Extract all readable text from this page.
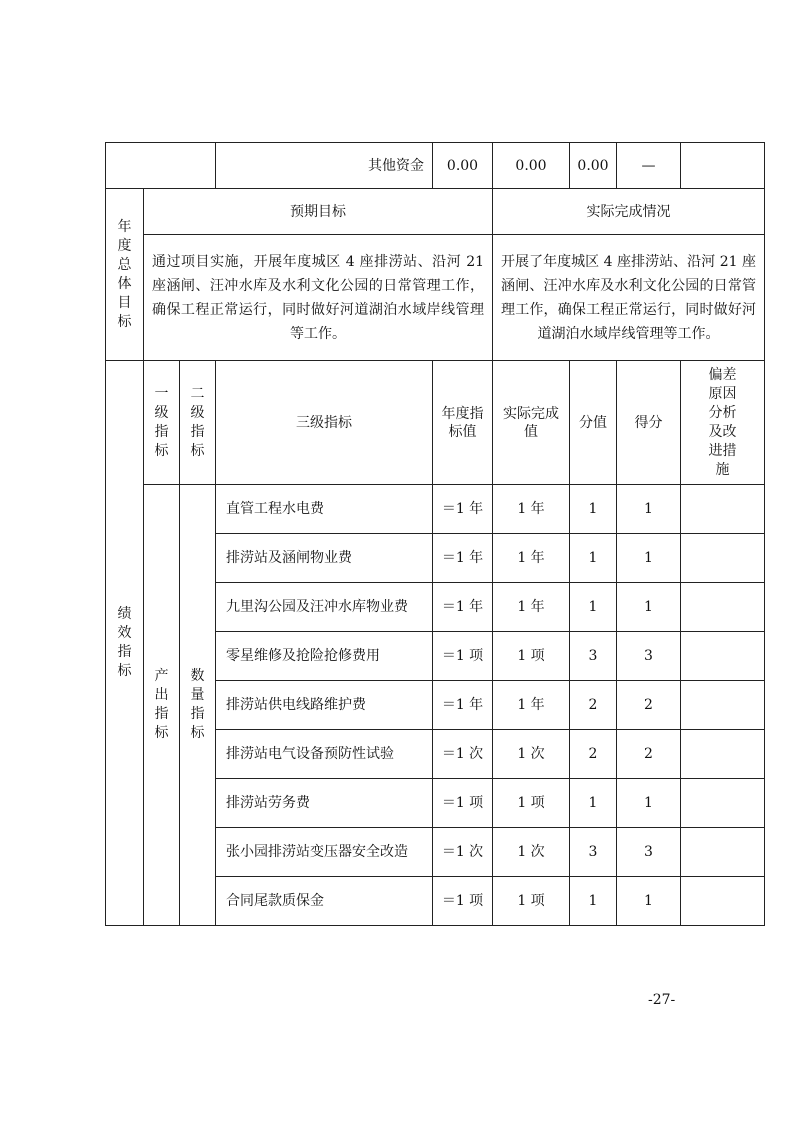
			其他资金	0.00	0.00	0.00	—	
年度总体目标	预期目标				实际完成情况			

	通过项目实施，开展年度城区 4 座排涝站、沿河 21 座涵闸、汪冲水库及水利文化公园的日常管理工作，确保工程正常运行，同时做好河道湖泊水域岸线管理等工作。				开展了年度城区 4 座排涝站、沿河 21 座涵闸、汪冲水库及水利文化公园的日常管理工作，确保工程正常运行，同时做好河道湖泊水域岸线管理等工作。			

绩效指标	一级指标	二级指标	三级指标	年度指标值	实际完成值	分值	得分	偏差原因分析及改进措施
	产出指标	数量指标	直管工程水电费	＝1 年	1 年	1	1	
			排涝站及涵闸物业费	＝1 年	1 年	1	1	
			九里沟公园及汪冲水库物业费	＝1 年	1 年	1	1	
			零星维修及抢险抢修费用	＝1 项	1 项	3	3	
			排涝站供电线路维护费	＝1 年	1 年	2	2	
			排涝站电气设备预防性试验	＝1 次	1 次	2	2	
			排涝站劳务费	＝1 项	1 项	1	1	
			张小园排涝站变压器安全改造	＝1 次	1 次	3	3	
			合同尾款质保金	＝1 项	1 项	1	1	
-27-
